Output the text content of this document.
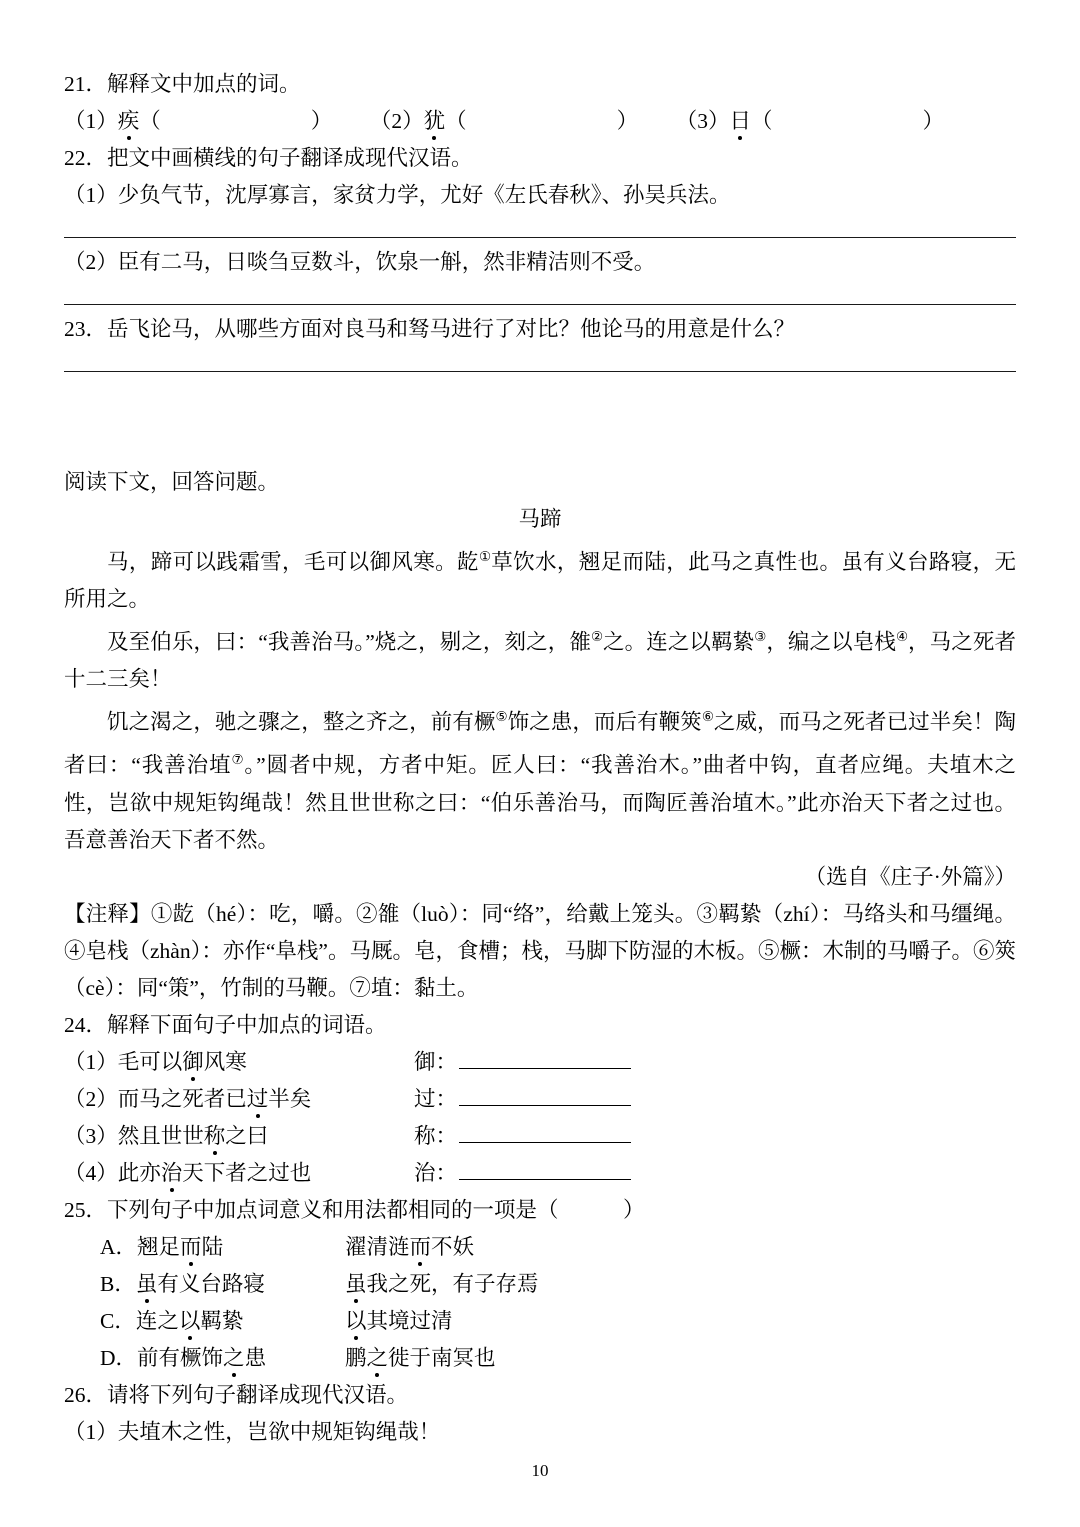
21．解释文中加点的词。
（1）疾（	） （2）犹（	） （3）日（	）
22．把文中画横线的句子翻译成现代汉语。
（1）少负气节，沈厚寡言，家贫力学，尤好《左氏春秋》、孙吴兵法。
（2）臣有二马，日啖刍豆数斗，饮泉一斛，然非精洁则不受。
23．岳飞论马，从哪些方面对良马和驽马进行了对比？他论马的用意是什么？
阅读下文，回答问题。
马蹄
马，蹄可以践霜雪，毛可以御风寒。龁①草饮水，翘足而陆，此马之真性也。虽有义台路寝，无所用之。
及至伯乐，曰：“我善治马。”烧之，剔之，刻之，雒②之。连之以羁絷③，编之以皂栈④，马之死者十二三矣！
饥之渴之，驰之骤之，整之齐之，前有橛⑤饰之患，而后有鞭筴⑥之威，而马之死者已过半矣！陶者曰：“我善治埴⑦。”圆者中规，方者中矩。匠人曰：“我善治木。”曲者中钩，直者应绳。夫埴木之性，岂欲中规矩钩绳哉！然且世世称之曰：“伯乐善治马，而陶匠善治埴木。”此亦治天下者之过也。吾意善治天下者不然。
（选自《庄子·外篇》）
【注释】①龁（hé）：吃，嚼。②雒（luò）：同“络”，给戴上笼头。③羁絷（zhí）：马络头和马缰绳。④皂栈（zhàn）：亦作“阜栈”。马厩。皂，食槽；栈，马脚下防湿的木板。⑤橛：木制的马嚼子。⑥筴（cè）：同“策”，竹制的马鞭。⑦埴：黏土。
24．解释下面句子中加点的词语。
（1）毛可以御风寒	御：
（2）而马之死者已过半矣	过：
（3）然且世世称之曰	称：
（4）此亦治天下者之过也	治：
25．下列句子中加点词意义和用法都相同的一项是（　　　）
A．翘足而陆	濯清涟而不妖
B．虽有义台路寝	虽我之死，有子存焉
C．连之以羁絷	以其境过清
D．前有橛饰之患	鹏之徙于南冥也
26．请将下列句子翻译成现代汉语。
（1）夫埴木之性，岂欲中规矩钩绳哉！
10
